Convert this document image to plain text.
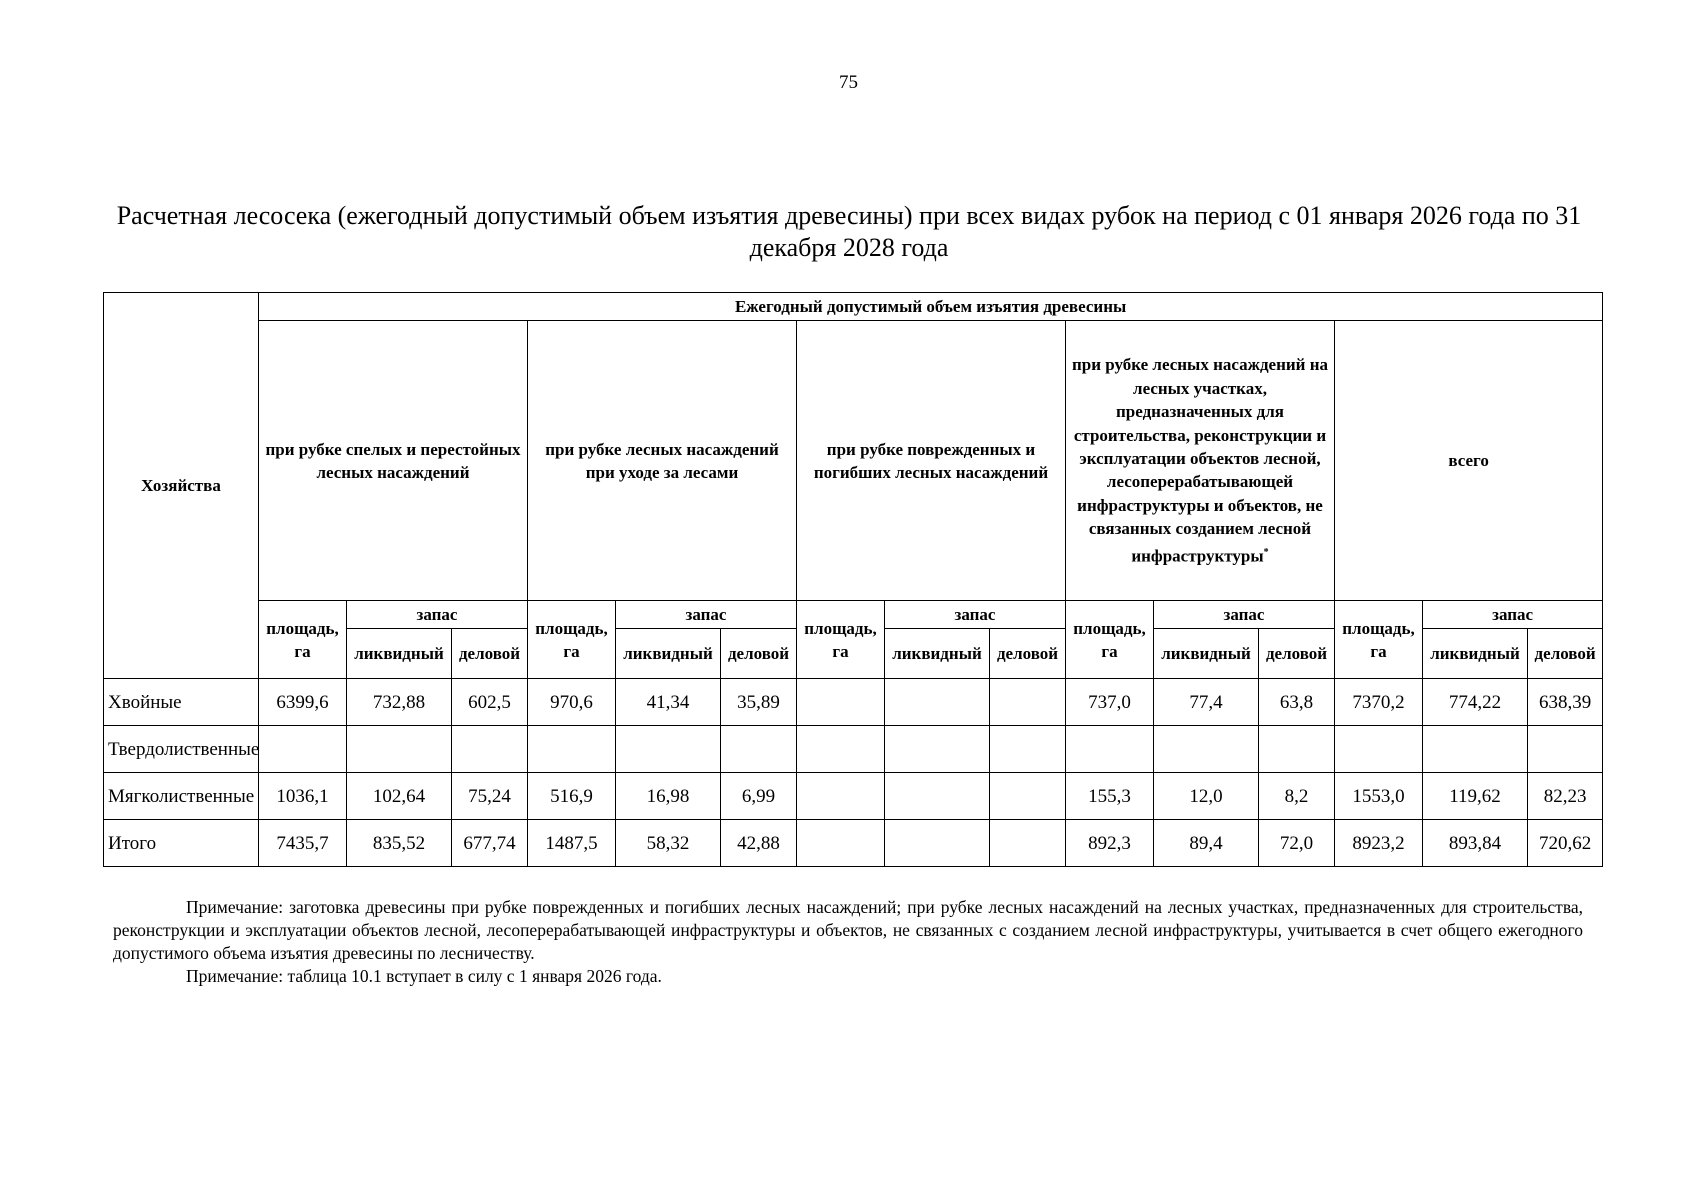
75
Расчетная лесосека (ежегодный допустимый объем изъятия древесины) при всех видах рубок на период с 01 января 2026 года по 31 декабря 2028 года
Хозяйства	Ежегодный допустимый объем изъятия древесины														
	при рубке спелых и перестойных лесных насаждений			при рубке лесных насаждений при уходе за лесами			при рубке поврежденных и погибших лесных насаждений			при рубке лесных насаждений на лесных участках, предназначенных для строительства, реконструкции и эксплуатации объектов лесной, лесоперерабатывающей инфраструктуры и объектов, не связанных созданием лесной инфраструктуры*			всего		
	площадь, га	запас		площадь, га	запас		площадь, га	запас		площадь, га	запас		площадь, га	запас	
		ликвидный	деловой		ликвидный	деловой		ликвидный	деловой		ликвидный	деловой		ликвидный	деловой
Хвойные	6399,6	732,88	602,5	970,6	41,34	35,89				737,0	77,4	63,8	7370,2	774,22	638,39
Твердолиственные															
Мягколиственные	1036,1	102,64	75,24	516,9	16,98	6,99				155,3	12,0	8,2	1553,0	119,62	82,23
Итого	7435,7	835,52	677,74	1487,5	58,32	42,88				892,3	89,4	72,0	8923,2	893,84	720,62

Примечание: заготовка древесины при рубке поврежденных и погибших лесных насаждений; при рубке лесных насаждений на лесных участках, предназначенных для строительства, реконструкции и эксплуатации объектов лесной, лесоперерабатывающей инфраструктуры и объектов, не связанных с созданием лесной инфраструктуры, учитывается в счет общего ежегодного допустимого объема изъятия древесины по лесничеству.

Примечание: таблица 10.1 вступает в силу с 1 января 2026 года.
